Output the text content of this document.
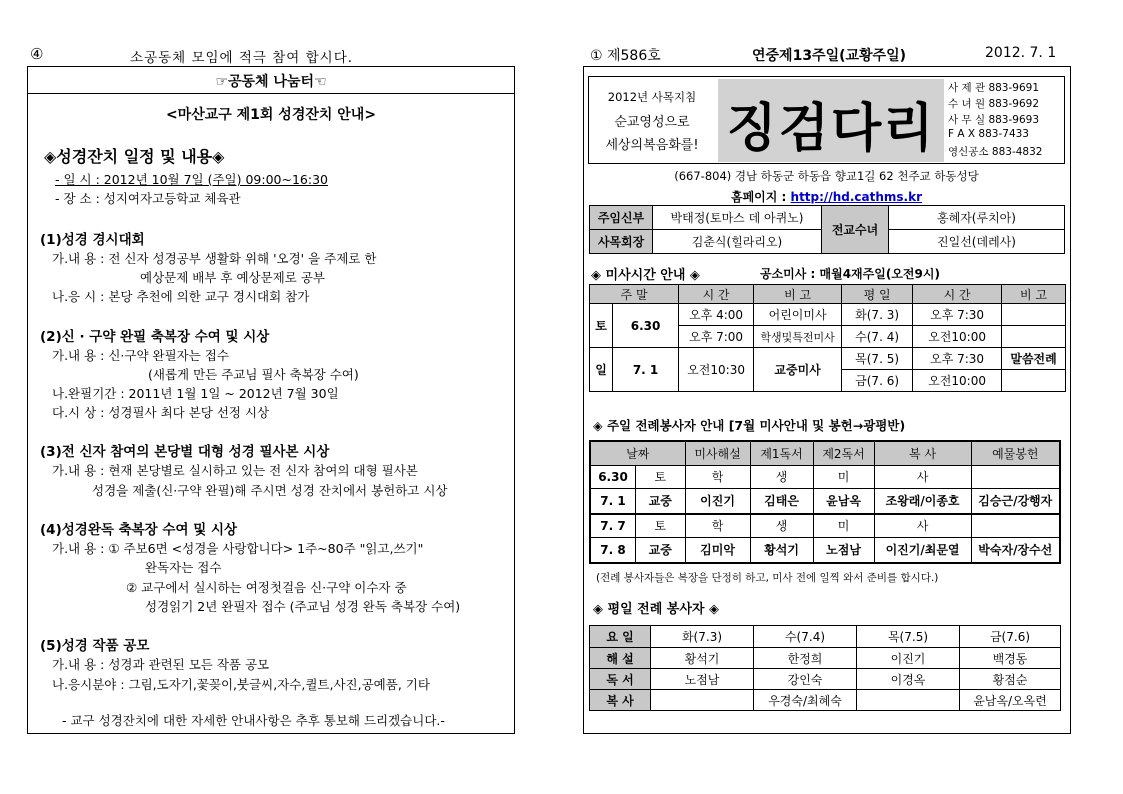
④	소공동체 모임에 적극 참여 합시다.
☞공동체 나눔터☜
<마산교구 제1회 성경잔치 안내>
◈성경잔치 일정 및 내용◈
- 일 시 : 2012년 10월 7일 (주일) 09:00~16:30
- 장 소 : 성지여자고등학교 체육관
(1)성경 경시대회
가.내 용 : 전 신자 성경공부 생활화 위해 '오경' 을 주제로 한
예상문제 배부 후 예상문제로 공부
나.응 시 : 본당 추천에 의한 교구 경시대회 참가
(2)신 · 구약 완필 축복장 수여 및 시상
가.내 용 : 신·구약 완필자는 접수
(새롭게 만든 주교님 필사 축복장 수여)
나.완필기간 : 2011년 1월 1일 ~ 2012년 7월 30일
다.시 상 : 성경필사 최다 본당 선정 시상
(3)전 신자 참여의 본당별 대형 성경 필사본 시상
가.내 용 : 현재 본당별로 실시하고 있는 전 신자 참여의 대형 필사본
성경을 제출(신·구약 완필)해 주시면 성경 잔치에서 봉헌하고 시상
(4)성경완독 축복장 수여 및 시상
가.내 용 : ① 주보6면 <성경을 사랑합니다> 1주~80주 "읽고,쓰기"
완독자는 접수
② 교구에서 실시하는 여정첫걸음 신·구약 이수자 중
성경읽기 2년 완필자 접수 (주교님 성경 완독 축복장 수여)
(5)성경 작품 공모
가.내 용 : 성경과 관련된 모든 작품 공모
나.응시분야 : 그림,도자기,꽃꽂이,붓글씨,자수,퀼트,사진,공예품, 기타
- 교구 성경잔치에 대한 자세한 안내사항은 추후 통보해 드리겠습니다.-
① 제586호	연중제13주일(교황주일)	2012. 7. 1
2012년 사목지침
순교영성으로
세상의복음화를! 징검다리
사 제 관 883-9691
수 녀 원 883-9692
사 무 실 883-9693
F A X 883-7433
영신공소 883-4832
(667-804) 경남 하동군 하동읍 향교1길 62 천주교 하동성당
홈페이지 : http://hd.cathms.kr
주임신부	박태정(토마스 데 아퀴노)	전교수녀	홍혜자(루치아)
사목회장	김춘식(힐라리오)		진일선(데레사)
◈ 미사시간 안내 ◈	공소미사 : 매월4재주일(오전9시)
주 말		시 간	비 고	평 일	시 간	비 고
토	6.30	오후 4:00	어린이미사	화(7. 3)	오후 7:30	
		오후 7:00	학생및특전미사	수(7. 4)	오전10:00	
일	7. 1	오전10:30	교중미사	목(7. 5)	오후 7:30	말씀전례
				금(7. 6)	오전10:00	
◈ 주일 전례봉사자 안내 [7월 미사안내 및 봉헌→광평반)
날짜		미사해설	제1독서	제2독서	복 사	예물봉헌
6.30	토	학	생	미	사	
7. 1	교중	이진기	김태은	윤남옥	조왕래/이종호	김승근/강행자
7. 7	토	학	생	미	사	
7. 8	교중	김미악	황석기	노점남	이진기/최문열	박숙자/장수선
(전례 봉사자들은 복장을 단정히 하고, 미사 전에 일찍 와서 준비를 합시다.)
◈ 평일 전례 봉사자 ◈
요 일	화(7.3)	수(7.4)	목(7.5)	금(7.6)
해 설	황석기	한정희	이진기	백경동
독 서	노점남	강인숙	이경옥	황점순
복 사		우경숙/최혜숙		윤남옥/오옥련
